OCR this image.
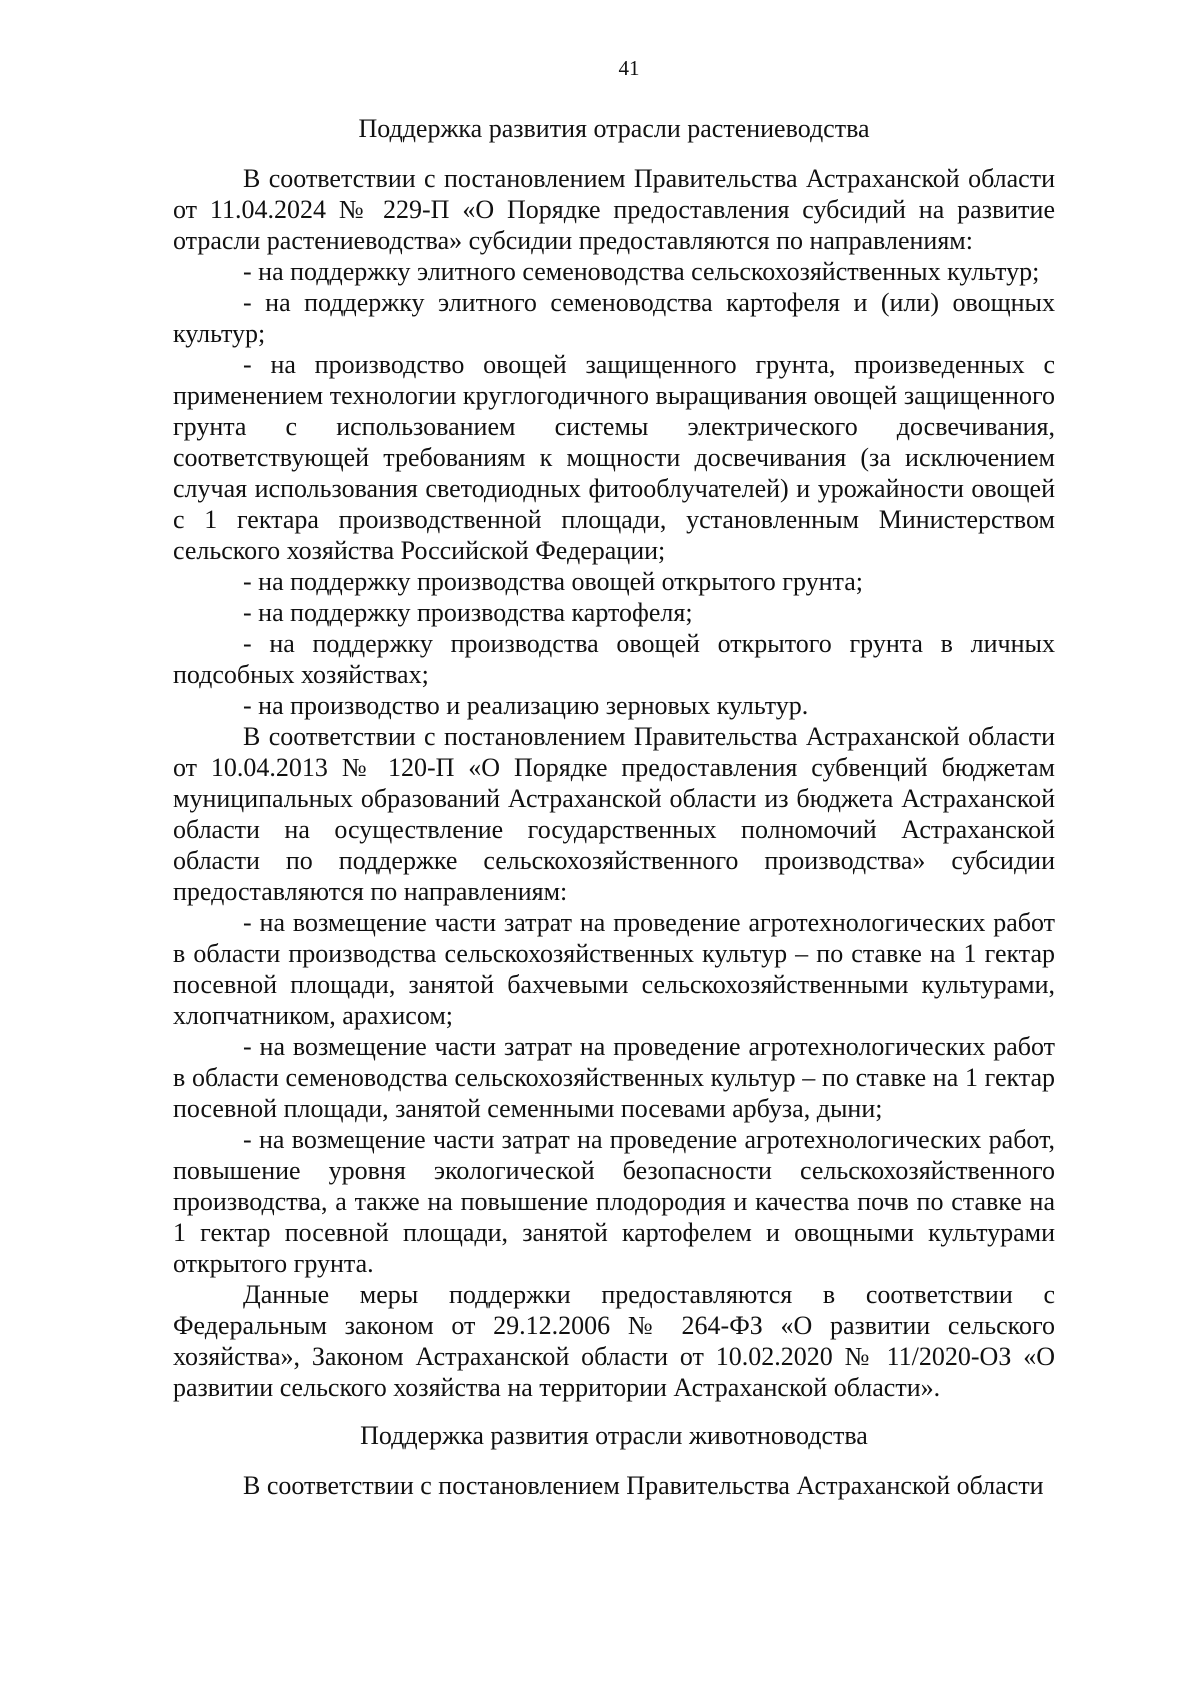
41
Поддержка развития отрасли растениеводства

В соответствии с постановлением Правительства Астраханской области от 11.04.2024 № 229-П «О Порядке предоставления субсидий на развитие отрасли растениеводства» субсидии предоставляются по направлениям:

- на поддержку элитного семеноводства сельскохозяйственных культур;

- на поддержку элитного семеноводства картофеля и (или) овощных культур;

- на производство овощей защищенного грунта, произведенных с применением технологии круглогодичного выращивания овощей защищенного грунта с использованием системы электрического досвечивания, соответствующей требованиям к мощности досвечивания (за исключением случая использования светодиодных фитооблучателей) и урожайности овощей с 1 гектара производственной площади, установленным Министерством сельского хозяйства Российской Федерации;

- на поддержку производства овощей открытого грунта;

- на поддержку производства картофеля;

- на поддержку производства овощей открытого грунта в личных подсобных хозяйствах;

- на производство и реализацию зерновых культур.

В соответствии с постановлением Правительства Астраханской области от 10.04.2013 № 120-П «О Порядке предоставления субвенций бюджетам муниципальных образований Астраханской области из бюджета Астраханской области на осуществление государственных полномочий Астраханской области по поддержке сельскохозяйственного производства» субсидии предоставляются по направлениям:

- на возмещение части затрат на проведение агротехнологических работ в области производства сельскохозяйственных культур – по ставке на 1 гектар посевной площади, занятой бахчевыми сельскохозяйственными культурами, хлопчатником, арахисом;

- на возмещение части затрат на проведение агротехнологических работ в области семеноводства сельскохозяйственных культур – по ставке на 1 гектар посевной площади, занятой семенными посевами арбуза, дыни;

- на возмещение части затрат на проведение агротехнологических работ, повышение уровня экологической безопасности сельскохозяйственного производства, а также на повышение плодородия и качества почв по ставке на 1 гектар посевной площади, занятой картофелем и овощными культурами открытого грунта.

Данные меры поддержки предоставляются в соответствии с Федеральным законом от 29.12.2006 № 264-ФЗ «О развитии сельского хозяйства», Законом Астраханской области от 10.02.2020 № 11/2020-ОЗ «О развитии сельского хозяйства на территории Астраханской области».

Поддержка развития отрасли животноводства

В соответствии с постановлением Правительства Астраханской области
